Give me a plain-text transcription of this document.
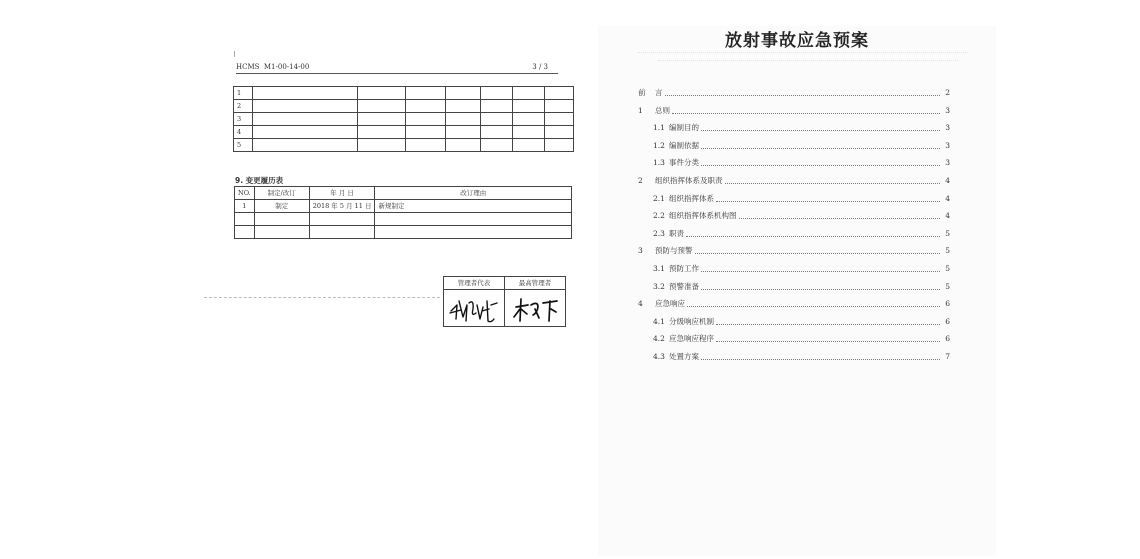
HCMS M1-00-14-00	3 / 3
1							
2							
3							
4							
5							
9. 变更履历表
NO.	制定/改订	年 月 日	改订理由
1	制定	2018 年 5 月 11 日	新规制定

管理者代表	最高管理者

放射事故应急预案
前	言	2
1	总则	3
1.1 编制目的	3
1.2 编制依据	3
1.3 事件分类	3
2	组织指挥体系及职责	4
2.1 组织指挥体系	4
2.2 组织指挥体系机构图	4
2.3 职责	5
3	预防与预警	5
3.1 预防工作	5
3.2 预警准备	5
4	应急响应	6
4.1 分级响应机制	6
4.2 应急响应程序	6
4.3 处置方案	7
